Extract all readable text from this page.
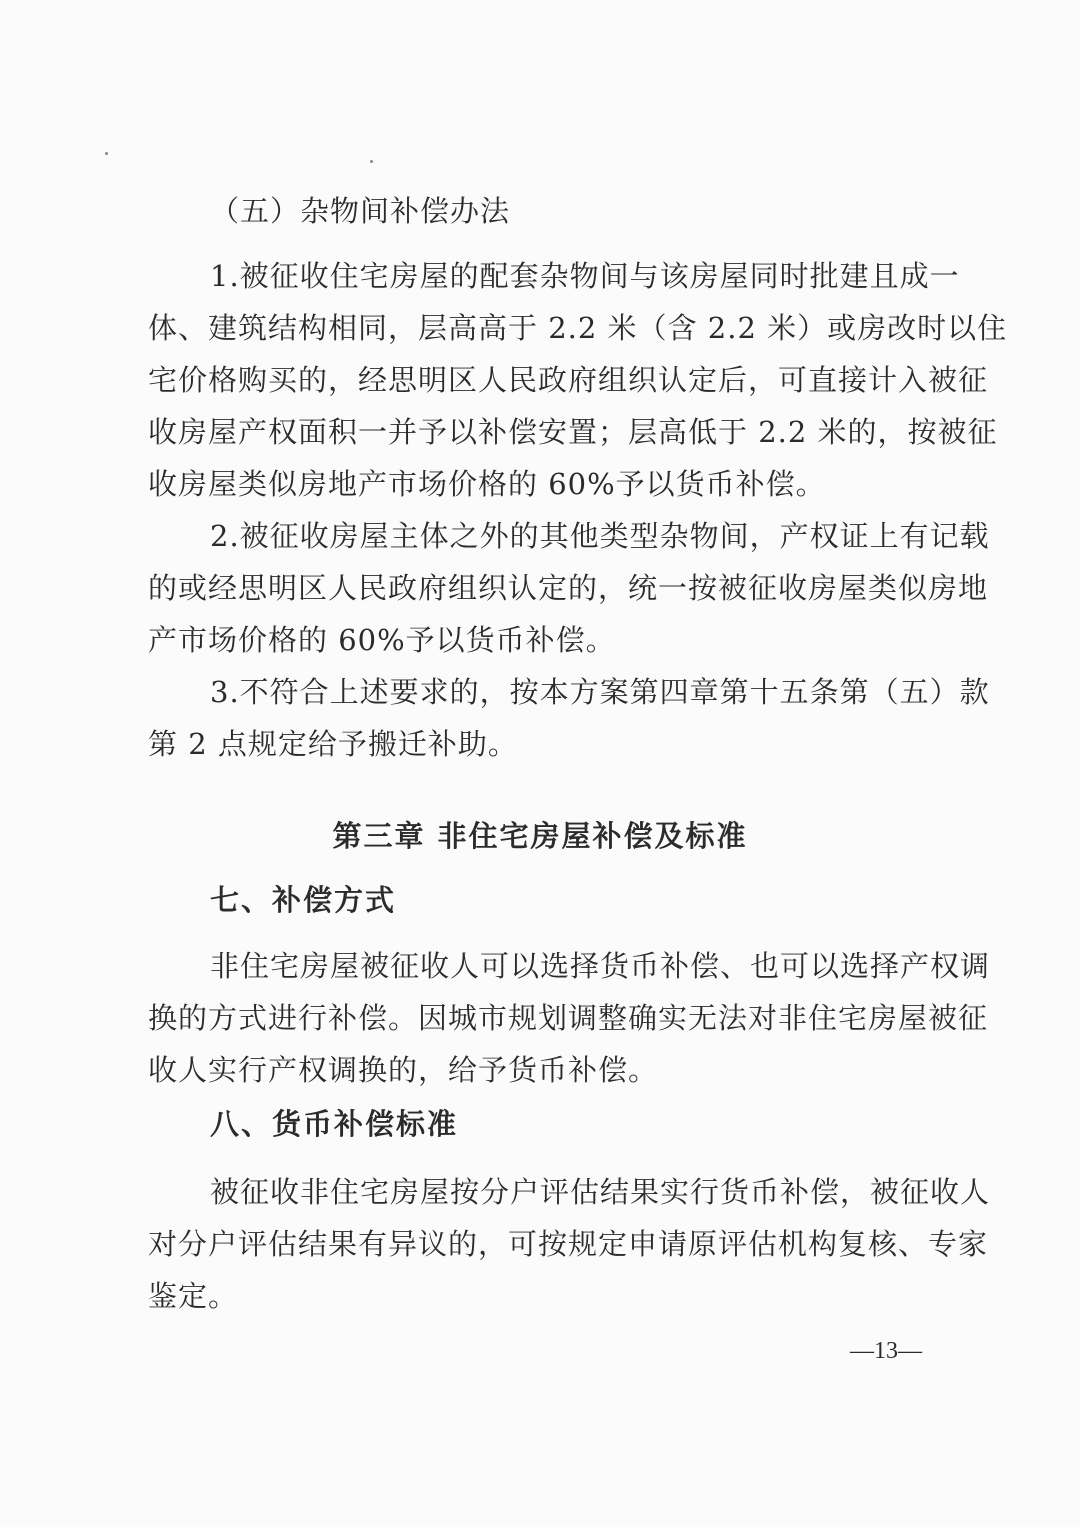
（五）杂物间补偿办法
1.被征收住宅房屋的配套杂物间与该房屋同时批建且成一
体、建筑结构相同，层高高于 2.2 米（含 2.2 米）或房改时以住
宅价格购买的，经思明区人民政府组织认定后，可直接计入被征
收房屋产权面积一并予以补偿安置；层高低于 2.2 米的，按被征
收房屋类似房地产市场价格的 60%予以货币补偿。
2.被征收房屋主体之外的其他类型杂物间，产权证上有记载
的或经思明区人民政府组织认定的，统一按被征收房屋类似房地
产市场价格的 60%予以货币补偿。
3.不符合上述要求的，按本方案第四章第十五条第（五）款
第 2 点规定给予搬迁补助。
第三章 非住宅房屋补偿及标准
七、补偿方式
非住宅房屋被征收人可以选择货币补偿、也可以选择产权调
换的方式进行补偿。因城市规划调整确实无法对非住宅房屋被征
收人实行产权调换的，给予货币补偿。
八、货币补偿标准
被征收非住宅房屋按分户评估结果实行货币补偿，被征收人
对分户评估结果有异议的，可按规定申请原评估机构复核、专家
鉴定。
—13—
